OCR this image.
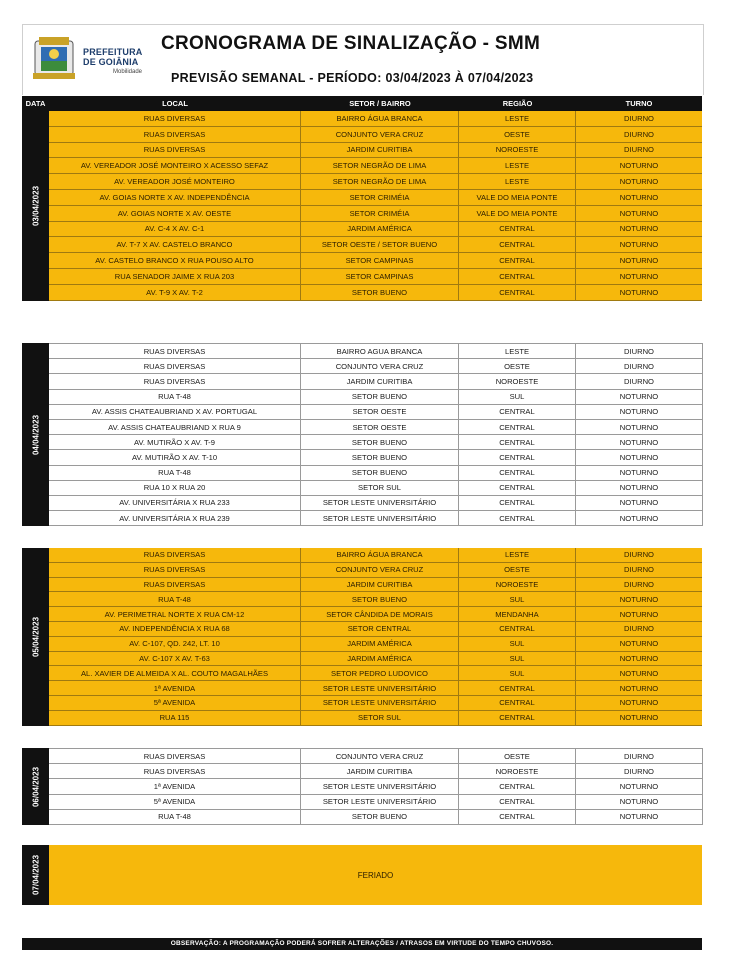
PREFEITURA
DE GOIÂNIA
Mobilidade
CRONOGRAMA DE SINALIZAÇÃO - SMM
PREVISÃO SEMANAL - PERÍODO: 03/04/2023 À 07/04/2023
DATA	LOCAL	SETOR / BAIRRO	REGIÃO	TURNO
03/04/2023
RUAS DIVERSAS	BAIRRO ÁGUA BRANCA	LESTE	DIURNO
RUAS DIVERSAS	CONJUNTO VERA CRUZ	OESTE	DIURNO
RUAS DIVERSAS	JARDIM CURITIBA	NOROESTE	DIURNO
AV. VEREADOR JOSÉ MONTEIRO X ACESSO SEFAZ	SETOR NEGRÃO DE LIMA	LESTE	NOTURNO
AV. VEREADOR JOSÉ MONTEIRO	SETOR NEGRÃO DE LIMA	LESTE	NOTURNO
AV. GOIAS NORTE X AV. INDEPENDÊNCIA	SETOR CRIMÉIA	VALE DO MEIA PONTE	NOTURNO
AV. GOIAS NORTE X AV. OESTE	SETOR CRIMÉIA	VALE DO MEIA PONTE	NOTURNO
AV. C-4 X AV. C-1	JARDIM AMÉRICA	CENTRAL	NOTURNO
AV. T-7 X AV. CASTELO BRANCO	SETOR OESTE / SETOR BUENO	CENTRAL	NOTURNO
AV. CASTELO BRANCO X RUA POUSO ALTO	SETOR CAMPINAS	CENTRAL	NOTURNO
RUA SENADOR JAIME X RUA 203	SETOR CAMPINAS	CENTRAL	NOTURNO
AV. T-9 X AV. T-2	SETOR BUENO	CENTRAL	NOTURNO
04/04/2023
RUAS DIVERSAS	BAIRRO AGUA BRANCA	LESTE	DIURNO
RUAS DIVERSAS	CONJUNTO VERA CRUZ	OESTE	DIURNO
RUAS DIVERSAS	JARDIM CURITIBA	NOROESTE	DIURNO
RUA T-48	SETOR BUENO	SUL	NOTURNO
AV. ASSIS CHATEAUBRIAND X AV. PORTUGAL	SETOR OESTE	CENTRAL	NOTURNO
AV. ASSIS CHATEAUBRIAND X RUA 9	SETOR OESTE	CENTRAL	NOTURNO
AV. MUTIRÃO X AV. T-9	SETOR BUENO	CENTRAL	NOTURNO
AV. MUTIRÃO X AV. T-10	SETOR BUENO	CENTRAL	NOTURNO
RUA T-48	SETOR BUENO	CENTRAL	NOTURNO
RUA 10 X RUA 20	SETOR SUL	CENTRAL	NOTURNO
AV. UNIVERSITÁRIA X RUA 233	SETOR LESTE UNIVERSITÁRIO	CENTRAL	NOTURNO
AV. UNIVERSITÁRIA X RUA 239	SETOR LESTE UNIVERSITÁRIO	CENTRAL	NOTURNO
05/04/2023
RUAS DIVERSAS	BAIRRO ÁGUA BRANCA	LESTE	DIURNO
RUAS DIVERSAS	CONJUNTO VERA CRUZ	OESTE	DIURNO
RUAS DIVERSAS	JARDIM CURITIBA	NOROESTE	DIURNO
RUA T-48	SETOR BUENO	SUL	NOTURNO
AV. PERIMETRAL NORTE X RUA CM-12	SETOR CÂNDIDA DE MORAIS	MENDANHA	NOTURNO
AV. INDEPENDÊNCIA X RUA 68	SETOR CENTRAL	CENTRAL	DIURNO
AV. C-107, QD. 242, LT. 10	JARDIM AMÉRICA	SUL	NOTURNO
AV. C-107 X AV. T-63	JARDIM AMÉRICA	SUL	NOTURNO
AL. XAVIER DE ALMEIDA X AL. COUTO MAGALHÃES	SETOR PEDRO LUDOVICO	SUL	NOTURNO
1ª AVENIDA	SETOR LESTE UNIVERSITÁRIO	CENTRAL	NOTURNO
5ª AVENIDA	SETOR LESTE UNIVERSITÁRIO	CENTRAL	NOTURNO
RUA 115	SETOR SUL	CENTRAL	NOTURNO
06/04/2023
RUAS DIVERSAS	CONJUNTO VERA CRUZ	OESTE	DIURNO
RUAS DIVERSAS	JARDIM CURITIBA	NOROESTE	DIURNO
1ª AVENIDA	SETOR LESTE UNIVERSITÁRIO	CENTRAL	NOTURNO
5ª AVENIDA	SETOR LESTE UNIVERSITÁRIO	CENTRAL	NOTURNO
RUA T-48	SETOR BUENO	CENTRAL	NOTURNO
07/04/2023	FERIADO
OBSERVAÇÃO: A PROGRAMAÇÃO PODERÁ SOFRER ALTERAÇÕES / ATRASOS EM VIRTUDE DO TEMPO CHUVOSO.
